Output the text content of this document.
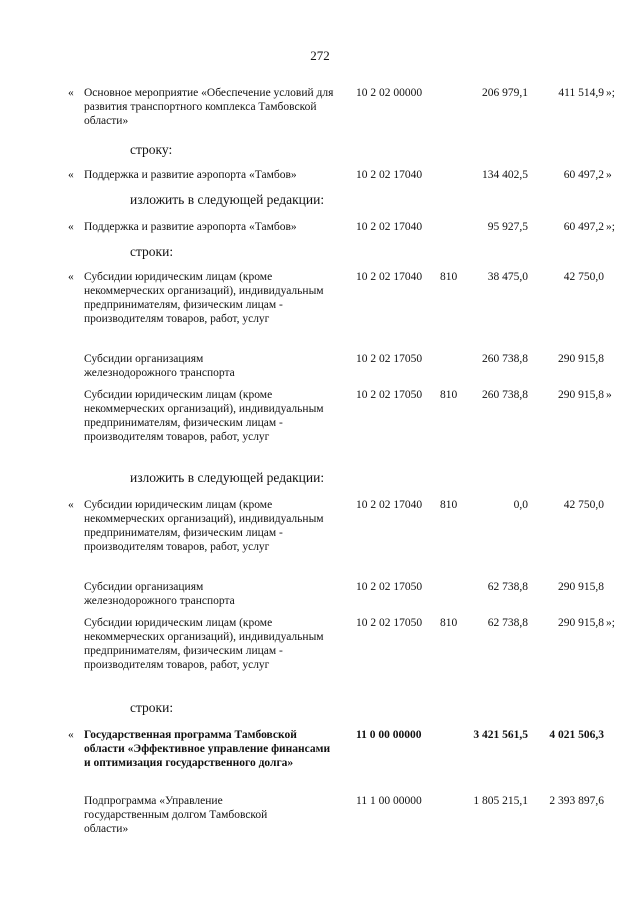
272
« Основное мероприятие «Обеспечение условий для развития транспортного комплекса Тамбовской области»
10 2 02 00000	206 979,1	411 514,9 »;
строку:
« Поддержка и развитие аэропорта «Тамбов»	10 2 02 17040	134 402,5	60 497,2 »
изложить в следующей редакции:
« Поддержка и развитие аэропорта «Тамбов»	10 2 02 17040	95 927,5	60 497,2 »;
строки:
« Субсидии юридическим лицам (кроме некоммерческих организаций), индивидуальным предпринимателям, физическим лицам - производителям товаров, работ, услуг
10 2 02 17040 810	38 475,0	42 750,0
Субсидии организациям железнодорожного транспорта
10 2 02 17050	260 738,8	290 915,8
Субсидии юридическим лицам (кроме некоммерческих организаций), индивидуальным предпринимателям, физическим лицам - производителям товаров, работ, услуг
10 2 02 17050 810	260 738,8	290 915,8 »
изложить в следующей редакции:
« Субсидии юридическим лицам (кроме некоммерческих организаций), индивидуальным предпринимателям, физическим лицам - производителям товаров, работ, услуг
10 2 02 17040 810	0,0	42 750,0
Субсидии организациям железнодорожного транспорта
10 2 02 17050	62 738,8	290 915,8
Субсидии юридическим лицам (кроме некоммерческих организаций), индивидуальным предпринимателям, физическим лицам - производителям товаров, работ, услуг
10 2 02 17050 810	62 738,8	290 915,8 »;
строки:
« Государственная программа Тамбовской области «Эффективное управление финансами и оптимизация государственного долга»
11 0 00 00000	3 421 561,5	4 021 506,3
Подпрограмма «Управление государственным долгом Тамбовской области»
11 1 00 00000	1 805 215,1	2 393 897,6
